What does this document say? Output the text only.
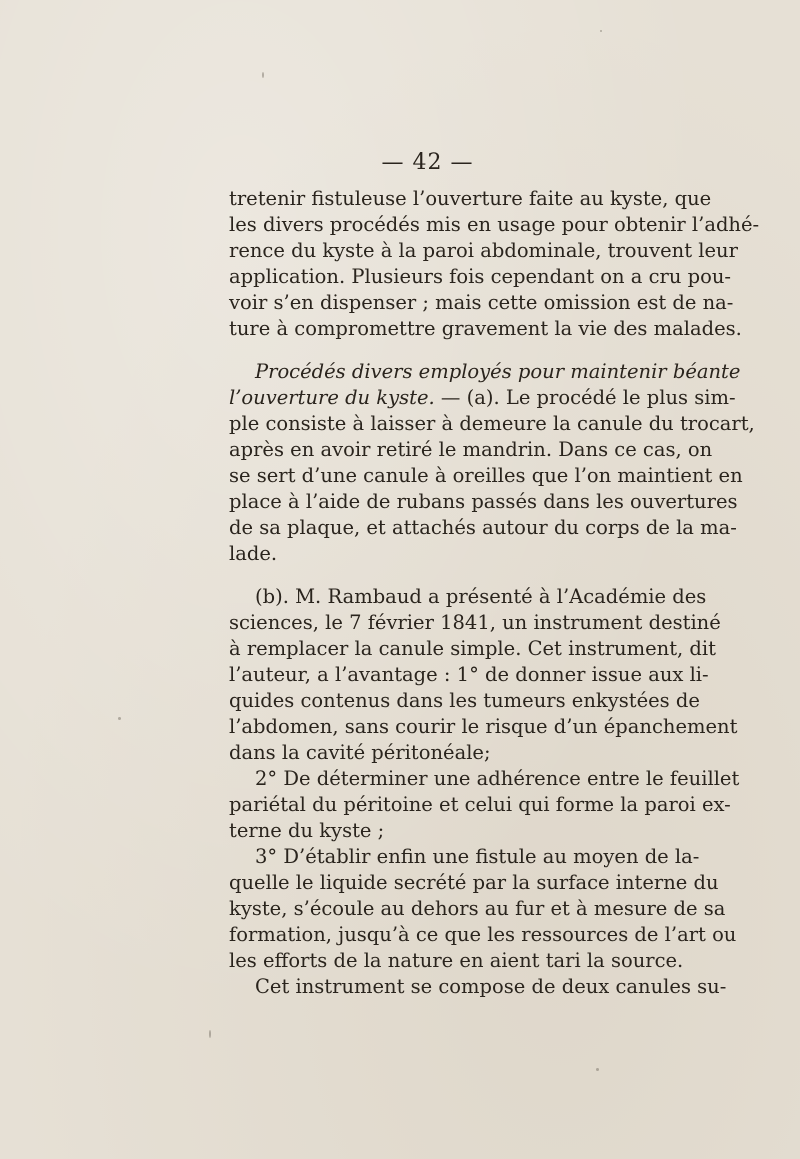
— 42 —
tretenir fistuleuse l’ouverture faite au kyste, que
les divers procédés mis en usage pour obtenir l’adhé-
rence du kyste à la paroi abdominale, trouvent leur
application. Plusieurs fois cependant on a cru pou-
voir s’en dispenser ; mais cette omission est de na-
ture à compromettre gravement la vie des malades.
Procédés divers employés pour maintenir béante
l’ouverture du kyste. — (a). Le procédé le plus sim-
ple consiste à laisser à demeure la canule du trocart,
après en avoir retiré le mandrin. Dans ce cas, on
se sert d’une canule à oreilles que l’on maintient en
place à l’aide de rubans passés dans les ouvertures
de sa plaque, et attachés autour du corps de la ma-
lade.
(b). M. Rambaud a présenté à l’Académie des
sciences, le 7 février 1841, un instrument destiné
à remplacer la canule simple. Cet instrument, dit
l’auteur, a l’avantage : 1° de donner issue aux li-
quides contenus dans les tumeurs enkystées de
l’abdomen, sans courir le risque d’un épanchement
dans la cavité péritonéale;
2° De déterminer une adhérence entre le feuillet
pariétal du péritoine et celui qui forme la paroi ex-
terne du kyste ;
3° D’établir enfin une fistule au moyen de la-
quelle le liquide secrété par la surface interne du
kyste, s’écoule au dehors au fur et à mesure de sa
formation, jusqu’à ce que les ressources de l’art ou
les efforts de la nature en aient tari la source.
Cet instrument se compose de deux canules su-
